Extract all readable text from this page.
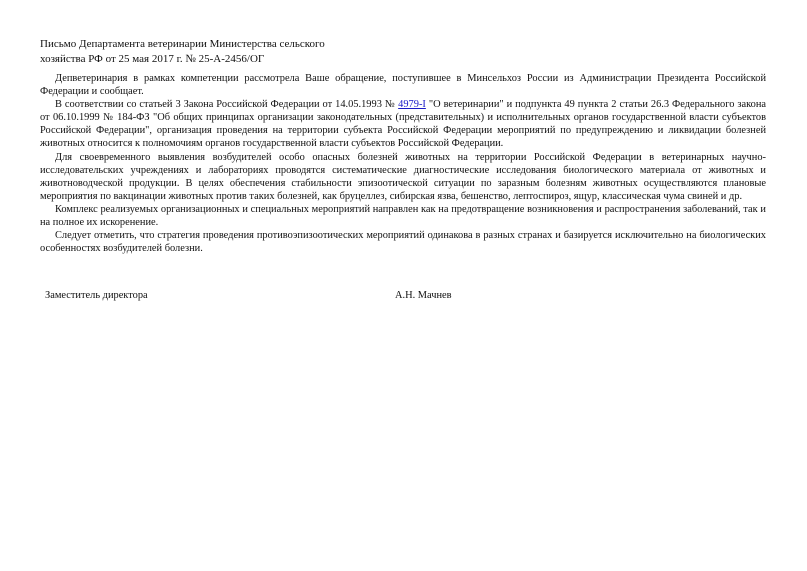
Письмо Департамента ветеринарии Министерства сельского
хозяйства РФ от 25 мая 2017 г. № 25-А-2456/ОГ

Депветеринария в рамках компетенции рассмотрела Ваше обращение, поступившее в Минсельхоз России из Администрации Президента Российской Федерации и сообщает.

В соответствии со статьей 3 Закона Российской Федерации от 14.05.1993 № 4979-I "О ветеринарии" и подпункта 49 пункта 2 статьи 26.3 Федерального закона от 06.10.1999 № 184-ФЗ "Об общих принципах организации законодательных (представительных) и исполнительных органов государственной власти субъектов Российской Федерации", организация проведения на территории субъекта Российской Федерации мероприятий по предупреждению и ликвидации болезней животных относится к полномочиям органов государственной власти субъектов Российской Федерации.

Для своевременного выявления возбудителей особо опасных болезней животных на территории Российской Федерации в ветеринарных научно-исследовательских учреждениях и лабораториях проводятся систематические диагностические исследования биологического материала от животных и животноводческой продукции. В целях обеспечения стабильности эпизоотической ситуации по заразным болезням животных осуществляются плановые мероприятия по вакцинации животных против таких болезней, как бруцеллез, сибирская язва, бешенство, лептоспироз, ящур, классическая чума свиней и др.

Комплекс реализуемых организационных и специальных мероприятий направлен как на предотвращение возникновения и распространения заболеваний, так и на полное их искоренение.

Следует отметить, что стратегия проведения противоэпизоотических мероприятий одинакова в разных странах и базируется исключительно на биологических особенностях возбудителей болезни.

Заместитель директора	А.Н. Мачнев
